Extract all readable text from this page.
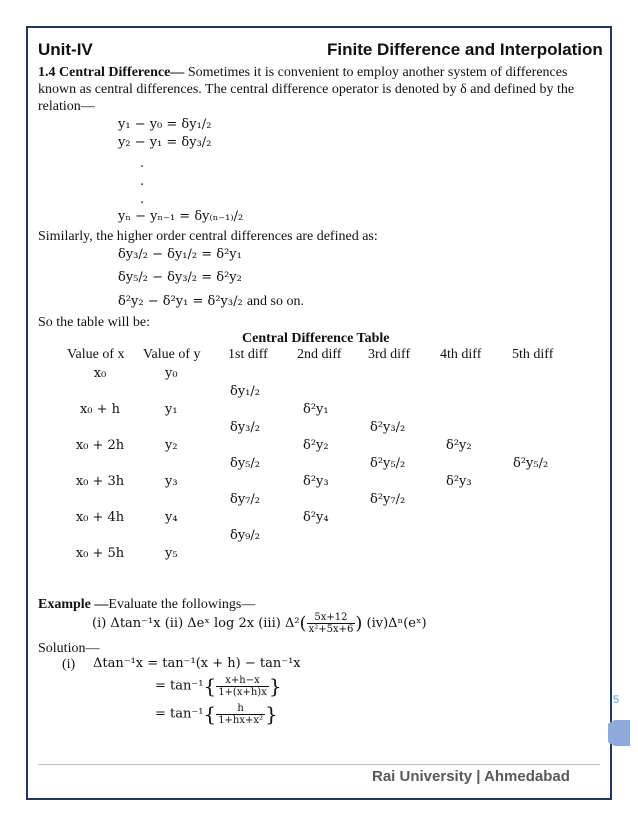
Unit-IV	Finite Difference and Interpolation
1.4 Central Difference— Sometimes it is convenient to employ another system of differences
known as central differences. The central difference operator is denoted by δ and defined by the
relation—
y₁ − y₀ = δy₁/₂
y₂ − y₁ = δy₃/₂
.
.
.
yₙ − yₙ₋₁ = δy₍ₙ₋₁₎/₂
Similarly, the higher order central differences are defined as:
δy₃/₂ − δy₁/₂ = δ²y₁
δy₅/₂ − δy₃/₂ = δ²y₂
δ²y₂ − δ²y₁ = δ²y₃/₂ and so on.
So the table will be:
Central Difference Table
Value of x Value of y 1st diff 2nd diff 3rd diff 4th diff 5th diff
x₀
x₀ + h
x₀ + 2h
x₀ + 3h
x₀ + 4h
x₀ + 5h
y₀
y₁
y₂
y₃
y₄
y₅
δy₁/₂
δy₃/₂
δy₅/₂
δy₇/₂
δy₉/₂
δ²y₁
δ²y₂
δ²y₃
δ²y₄
δ²y₃/₂
δ²y₅/₂
δ²y₇/₂
δ²y₂
δ²y₃
δ²y₅/₂
Example —Evaluate the followings—
(i) Δtan⁻¹x (ii) Δeˣ log 2x (iii) $\Delta^2( \frac{5x+12}{\text{x²+5x+6}}$ ) (iv)Δⁿ(eˣ)
Solution—
(i) Δtan⁻¹x = tan⁻¹(x + h) − tan⁻¹x
= $\tan^{-1}\{ \frac{x+h-x}{1+(x+h)x}$ }
= $\tan^{-1}\{ \frac{h}{\text{1+hx+x²}}$ }
5
Rai University | Ahmedabad
